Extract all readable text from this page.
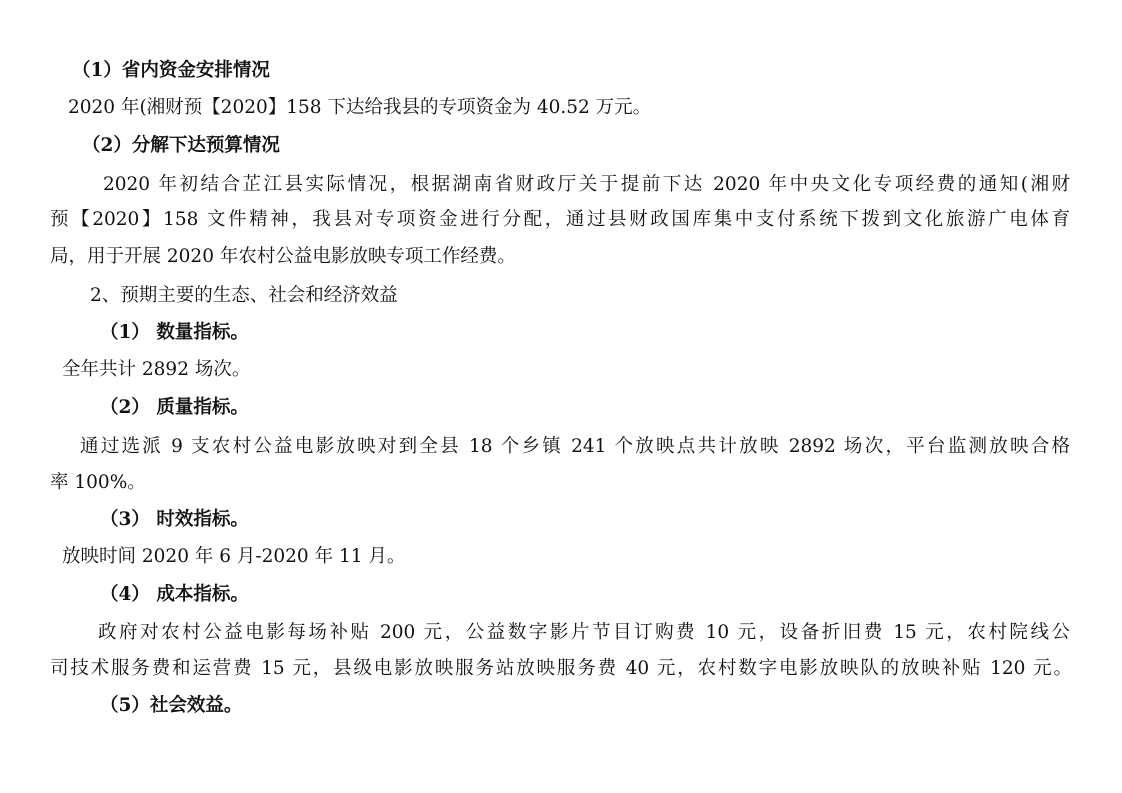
（1）省内资金安排情况
2020 年(湘财预【2020】158 下达给我县的专项资金为 40.52 万元。
（2）分解下达预算情况
2020 年初结合芷江县实际情况，根据湖南省财政厅关于提前下达 2020 年中央文化专项经费的通知(湘财
预【2020】158 文件精神，我县对专项资金进行分配，通过县财政国库集中支付系统下拨到文化旅游广电体育
局，用于开展 2020 年农村公益电影放映专项工作经费。
2、预期主要的生态、社会和经济效益
（1） 数量指标。
全年共计 2892 场次。
（2） 质量指标。
通过选派 9 支农村公益电影放映对到全县 18 个乡镇 241 个放映点共计放映 2892 场次，平台监测放映合格
率 100%。
（3） 时效指标。
放映时间 2020 年 6 月-2020 年 11 月。
（4） 成本指标。
政府对农村公益电影每场补贴 200 元，公益数字影片节目订购费 10 元，设备折旧费 15 元，农村院线公
司技术服务费和运营费 15 元，县级电影放映服务站放映服务费 40 元，农村数字电影放映队的放映补贴 120 元。
（5）社会效益。
